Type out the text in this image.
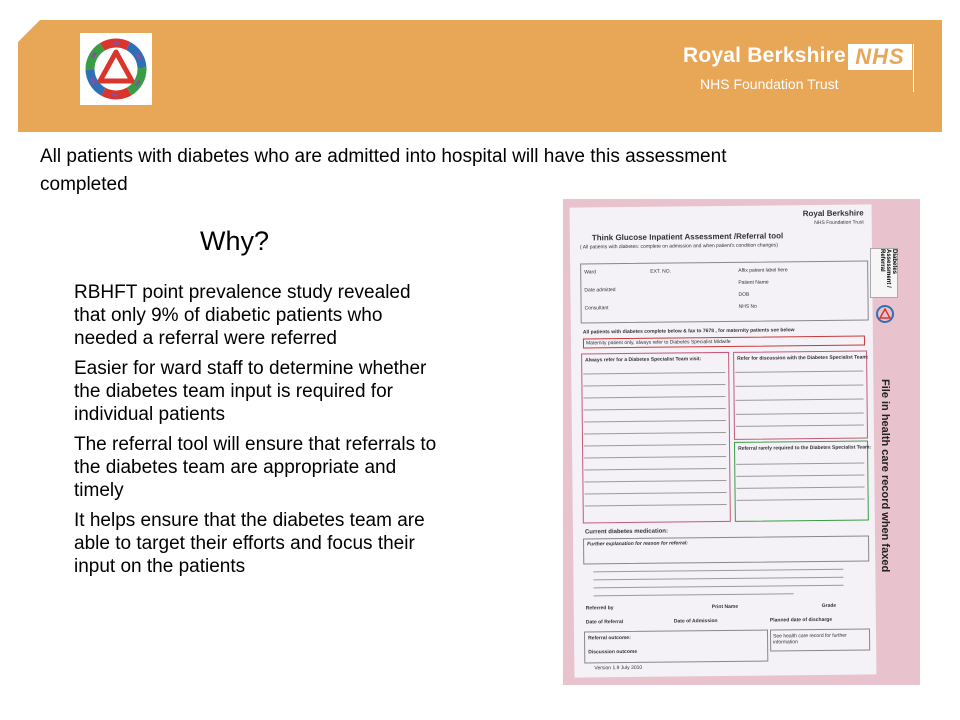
Royal Berkshire NHS
NHS Foundation Trust
All patients with diabetes who are admitted into hospital will have this assessment completed
Why?

RBHFT point prevalence study revealed that only 9% of diabetic patients who needed a referral were referred

Easier for ward staff to determine whether the diabetes team input is required for individual patients

The referral tool will ensure that referrals to the diabetes team are appropriate and timely

It helps ensure that the diabetes team are able to target their efforts and focus their input on the patients

Royal Berkshire
NHS Foundation Trust
Think Glucose Inpatient Assessment /Referral tool
( All patients with diabetes: complete on admission and when patient's condition changes)
Ward	EXT. NO.
Date admitted
Consultant
Affix patient label here
Patient Name
DOB
NHS No
All patients with diabetes complete below & fax to 7678 , for maternity patients see below
Maternity patient only, always refer to Diabetes Specialist Midwife
Always refer for a Diabetes Specialist Team visit:	Refer for discussion with the Diabetes Specialist Team:
Referral rarely required to the Diabetes Specialist Team:
Current diabetes medication:
Further explanation for reason for referral:
Referred by	Print Name	Grade
Date of Referral	Date of Admission	Planned date of discharge
Referral outcome:
Discussion outcome
See health care record for further information
Version 1.9 July 2010
Diabetes Assessment / Referral
File in health care record when faxed
